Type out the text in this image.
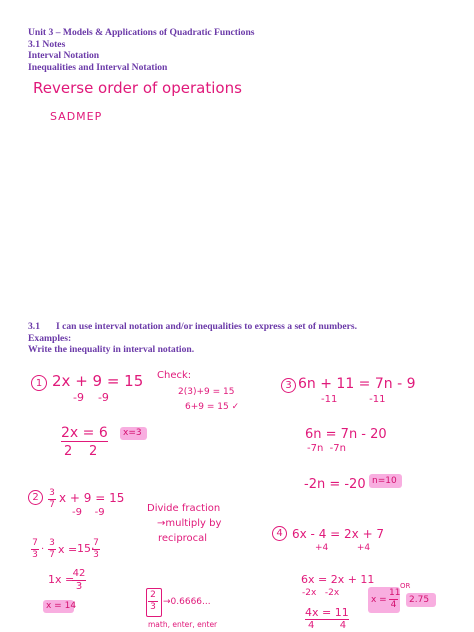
Unit 3 – Models & Applications of Quadratic Functions
3.1 Notes
Interval Notation
Inequalities and Interval Notation
Reverse order of operations
SADMEP
3.1 I can use interval notation and/or inequalities to express a set of numbers.
Examples:
Write the inequality in interval notation.
1 2x + 9 = 15
-9    -9
Check:
2(3)+9 = 15
6+9 = 15 ✓
2x = 6
2 2
x=3
3 6n + 11 = 7n - 9
-11          -11
6n = 7n - 20
-7n  -7n
-2n = -20 n=10
2	3
7 x + 9 = 15
-9    -9	Divide fraction
→multiply by
reciprocal
7
3 ·
3
7 x = 15·
7
3
1x =
42
3
x = 14
2
3 →0.6666...
math, enter, enter
4 6x - 4 = 2x + 7
+4          +4
6x = 2x + 11
-2x   -2x
4x = 11
4        4
x =
11
4
OR
2.75
